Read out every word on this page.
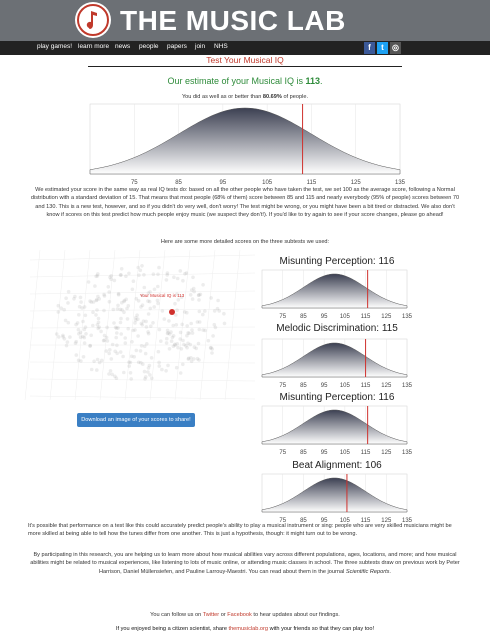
THE MUSIC LAB
play games! learn more news people papers join NHS	f	t	◎
Test Your Musical IQ
Our estimate of your Musical IQ is 113.
You did as well as or better than 80.69% of people.
75	85	95	105	115	125	135
We estimated your score in the same way as real IQ tests do: based on all the other people who have taken the test, we set 100 as the average score, following a Normal distribution with a standard deviation of 15. That means that most people (68% of them) score between 85 and 115 and nearly everybody (95% of people) scores between 70 and 130. This is a new test, however, and so if you didn't do very well, don't worry! The test might be wrong, or you might have been a bit tired or distracted. We also don't know if scores on this test predict how much people enjoy music (we suspect they don't!). If you'd like to try again to see if your score changes, please go ahead!
Here are some more detailed scores on the three subtests we used:
Your Musical IQ is 113
Download an image of your scores to share!
Misunting Perception: 116
75 85 95 105 115 125 135
Melodic Discrimination: 115
75 85 95 105 115 125 135
Misunting Perception: 116
75 85 95 105 115 125 135
Beat Alignment: 106
75 85 95 105 115 125 135
It's possible that performance on a test like this could accurately predict people's ability to play a musical instrument or sing: people who are very skilled musicians might be more skilled at being able to tell how the tunes differ from one another. This is just a hypothesis, though: it might turn out to be wrong.
By participating in this research, you are helping us to learn more about how musical abilities vary across different populations, ages, locations, and more; and how musical abilities might be related to musical experiences, like listening to lots of music online, or attending music classes in school. The three subtests draw on previous work by Peter Harrison, Daniel Müllensiefen, and Pauline Larrouy-Maestri. You can read about them in the journal Scientific Reports.
You can follow us on Twitter or Facebook to hear updates about our findings.
If you enjoyed being a citizen scientist, share themusiclab.org with your friends so that they can play too!
